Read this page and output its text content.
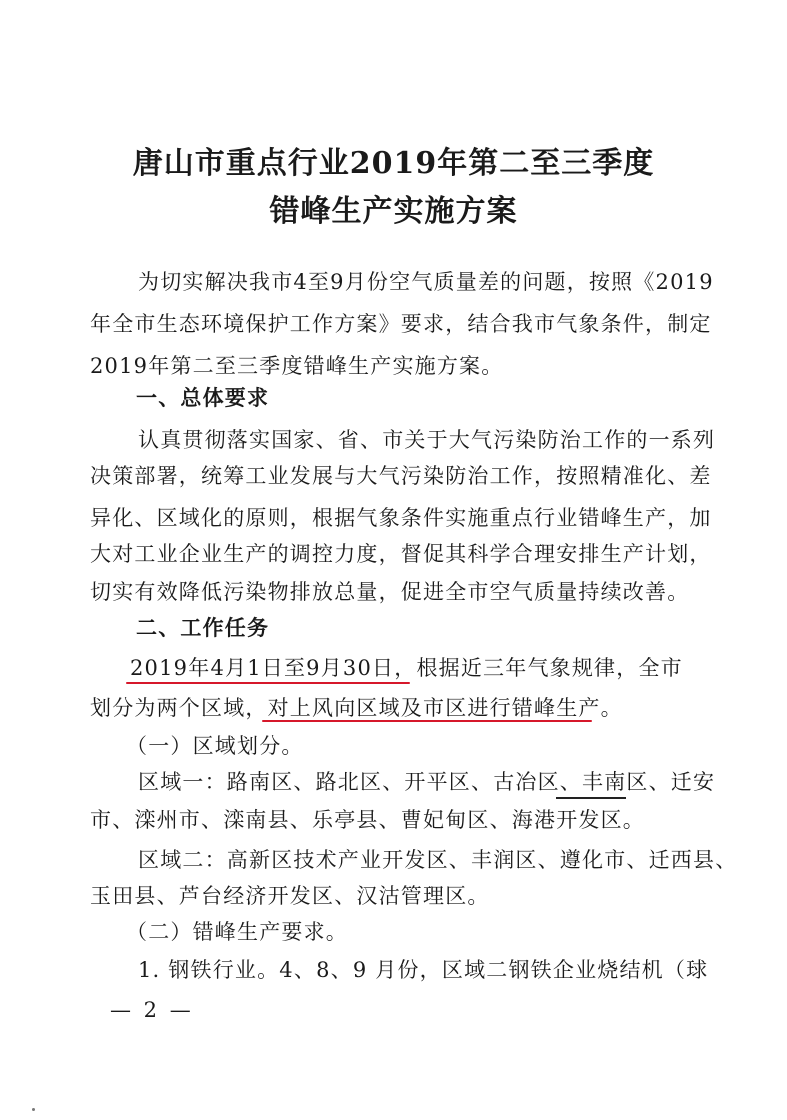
唐山市重点行业2019年第二至三季度
错峰生产实施方案
为切实解决我市4至9月份空气质量差的问题，按照《2019
年全市生态环境保护工作方案》要求，结合我市气象条件，制定
2019年第二至三季度错峰生产实施方案。
一、总体要求
认真贯彻落实国家、省、市关于大气污染防治工作的一系列
决策部署，统筹工业发展与大气污染防治工作，按照精准化、差
异化、区域化的原则，根据气象条件实施重点行业错峰生产，加
大对工业企业生产的调控力度，督促其科学合理安排生产计划，
切实有效降低污染物排放总量，促进全市空气质量持续改善。
二、工作任务
2019年4月1日至9月30日，根据近三年气象规律，全市
划分为两个区域，对上风向区域及市区进行错峰生产。
（一）区域划分。
区域一：路南区、路北区、开平区、古冶区、丰南区、迁安
市、滦州市、滦南县、乐亭县、曹妃甸区、海港开发区。
区域二：高新区技术产业开发区、丰润区、遵化市、迁西县、
玉田县、芦台经济开发区、汉沽管理区。
（二）错峰生产要求。
1. 钢铁行业。4、8、9 月份，区域二钢铁企业烧结机（球
— 2 —
